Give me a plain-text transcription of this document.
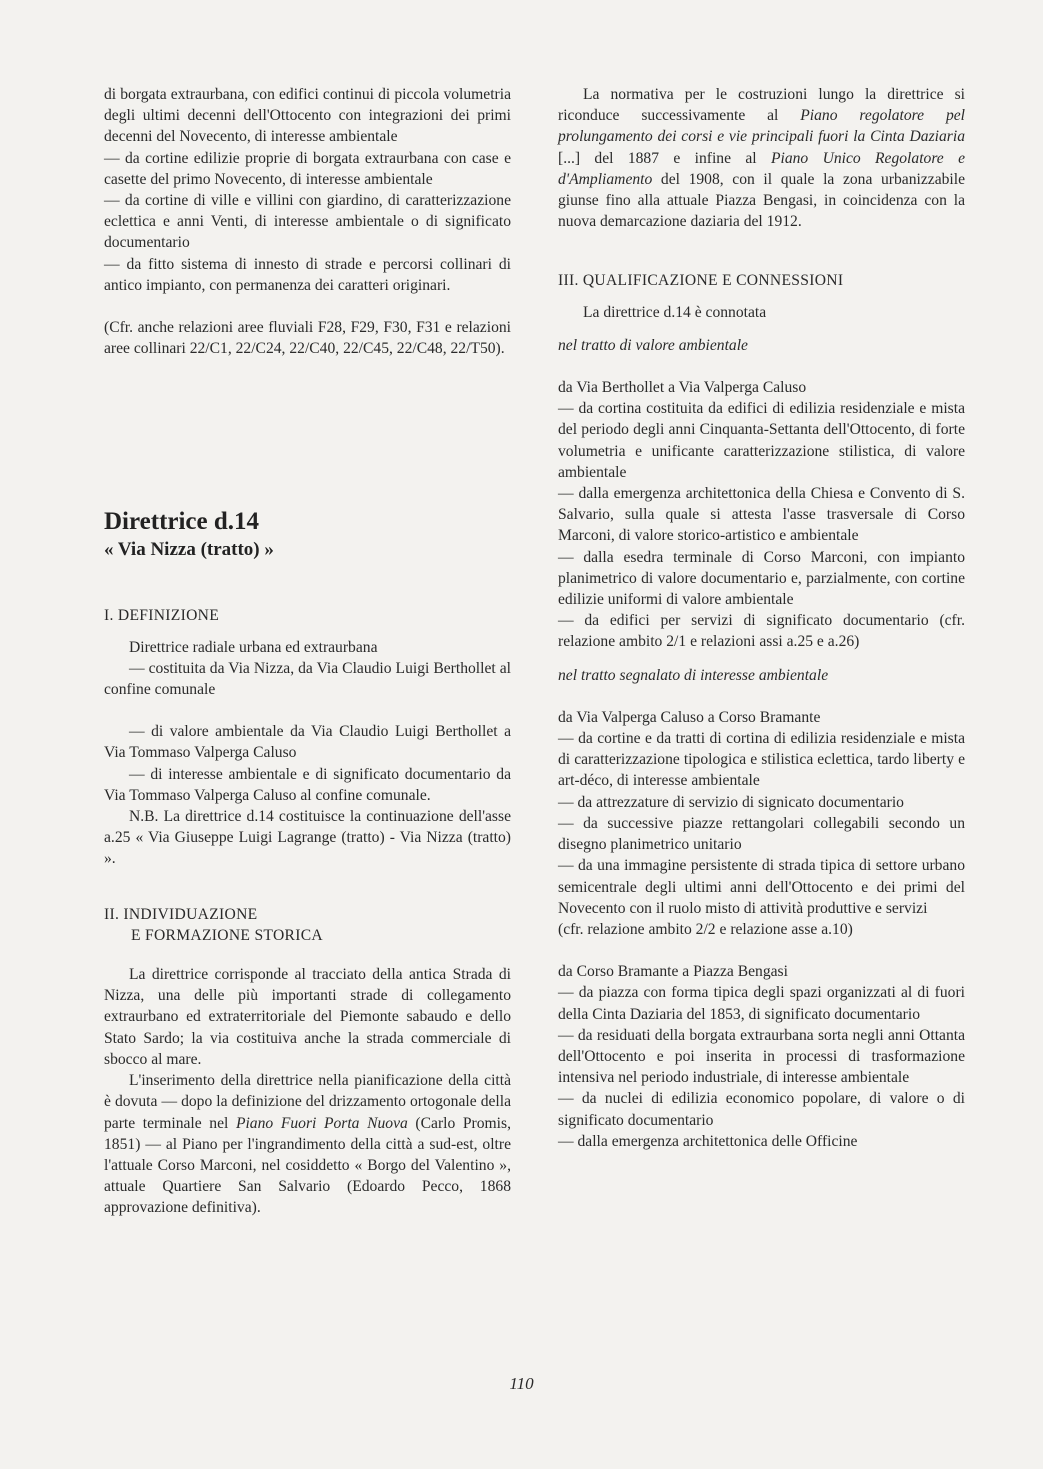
di borgata extraurbana, con edifici continui di piccola volumetria degli ultimi decenni dell'Ottocento con integrazioni dei primi decenni del Novecento, di interesse ambientale

— da cortine edilizie proprie di borgata extraurbana con case e casette del primo Novecento, di interesse ambientale

— da cortine di ville e villini con giardino, di caratterizzazione eclettica e anni Venti, di interesse ambientale o di significato documentario

— da fitto sistema di innesto di strade e percorsi collinari di antico impianto, con permanenza dei caratteri originari.

(Cfr. anche relazioni aree fluviali F28, F29, F30, F31 e relazioni aree collinari 22/C1, 22/C24, 22/C40, 22/C45, 22/C48, 22/T50).

Direttrice d.14
« Via Nizza (tratto) »

I. DEFINIZIONE

Direttrice radiale urbana ed extraurbana

— costituita da Via Nizza, da Via Claudio Luigi Berthollet al confine comunale

— di valore ambientale da Via Claudio Luigi Berthollet a Via Tommaso Valperga Caluso

— di interesse ambientale e di significato documentario da Via Tommaso Valperga Caluso al confine comunale.

N.B. La direttrice d.14 costituisce la continuazione dell'asse a.25 « Via Giuseppe Luigi Lagrange (tratto) - Via Nizza (tratto) ».

II. INDIVIDUAZIONE
E FORMAZIONE STORICA

La direttrice corrisponde al tracciato della antica Strada di Nizza, una delle più importanti strade di collegamento extraurbano ed extraterritoriale del Piemonte sabaudo e dello Stato Sardo; la via costituiva anche la strada commerciale di sbocco al mare.

L'inserimento della direttrice nella pianificazione della città è dovuta — dopo la definizione del drizzamento ortogonale della parte terminale nel Piano Fuori Porta Nuova (Carlo Promis, 1851) — al Piano per l'ingrandimento della città a sud-est, oltre l'attuale Corso Marconi, nel cosiddetto « Borgo del Valentino », attuale Quartiere San Salvario (Edoardo Pecco, 1868 approvazione definitiva).

La normativa per le costruzioni lungo la direttrice si riconduce successivamente al Piano regolatore pel prolungamento dei corsi e vie principali fuori la Cinta Daziaria [...] del 1887 e infine al Piano Unico Regolatore e d'Ampliamento del 1908, con il quale la zona urbanizzabile giunse fino alla attuale Piazza Bengasi, in coincidenza con la nuova demarcazione daziaria del 1912.

III. QUALIFICAZIONE E CONNESSIONI

La direttrice d.14 è connotata

nel tratto di valore ambientale

da Via Berthollet a Via Valperga Caluso

— da cortina costituita da edifici di edilizia residenziale e mista del periodo degli anni Cinquanta-Settanta dell'Ottocento, di forte volumetria e unificante caratterizzazione stilistica, di valore ambientale

— dalla emergenza architettonica della Chiesa e Convento di S. Salvario, sulla quale si attesta l'asse trasversale di Corso Marconi, di valore storico-artistico e ambientale

— dalla esedra terminale di Corso Marconi, con impianto planimetrico di valore documentario e, parzialmente, con cortine edilizie uniformi di valore ambientale

— da edifici per servizi di significato documentario (cfr. relazione ambito 2/1 e relazioni assi a.25 e a.26)

nel tratto segnalato di interesse ambientale

da Via Valperga Caluso a Corso Bramante

— da cortine e da tratti di cortina di edilizia residenziale e mista di caratterizzazione tipologica e stilistica eclettica, tardo liberty e art-déco, di interesse ambientale

— da attrezzature di servizio di signicato documentario

— da successive piazze rettangolari collegabili secondo un disegno planimetrico unitario

— da una immagine persistente di strada tipica di settore urbano semicentrale degli ultimi anni dell'Ottocento e dei primi del Novecento con il ruolo misto di attività produttive e servizi

(cfr. relazione ambito 2/2 e relazione asse a.10)

da Corso Bramante a Piazza Bengasi

— da piazza con forma tipica degli spazi organizzati al di fuori della Cinta Daziaria del 1853, di significato documentario

— da residuati della borgata extraurbana sorta negli anni Ottanta dell'Ottocento e poi inserita in processi di trasformazione intensiva nel periodo industriale, di interesse ambientale

— da nuclei di edilizia economico popolare, di valore o di significato documentario

— dalla emergenza architettonica delle Officine

110
